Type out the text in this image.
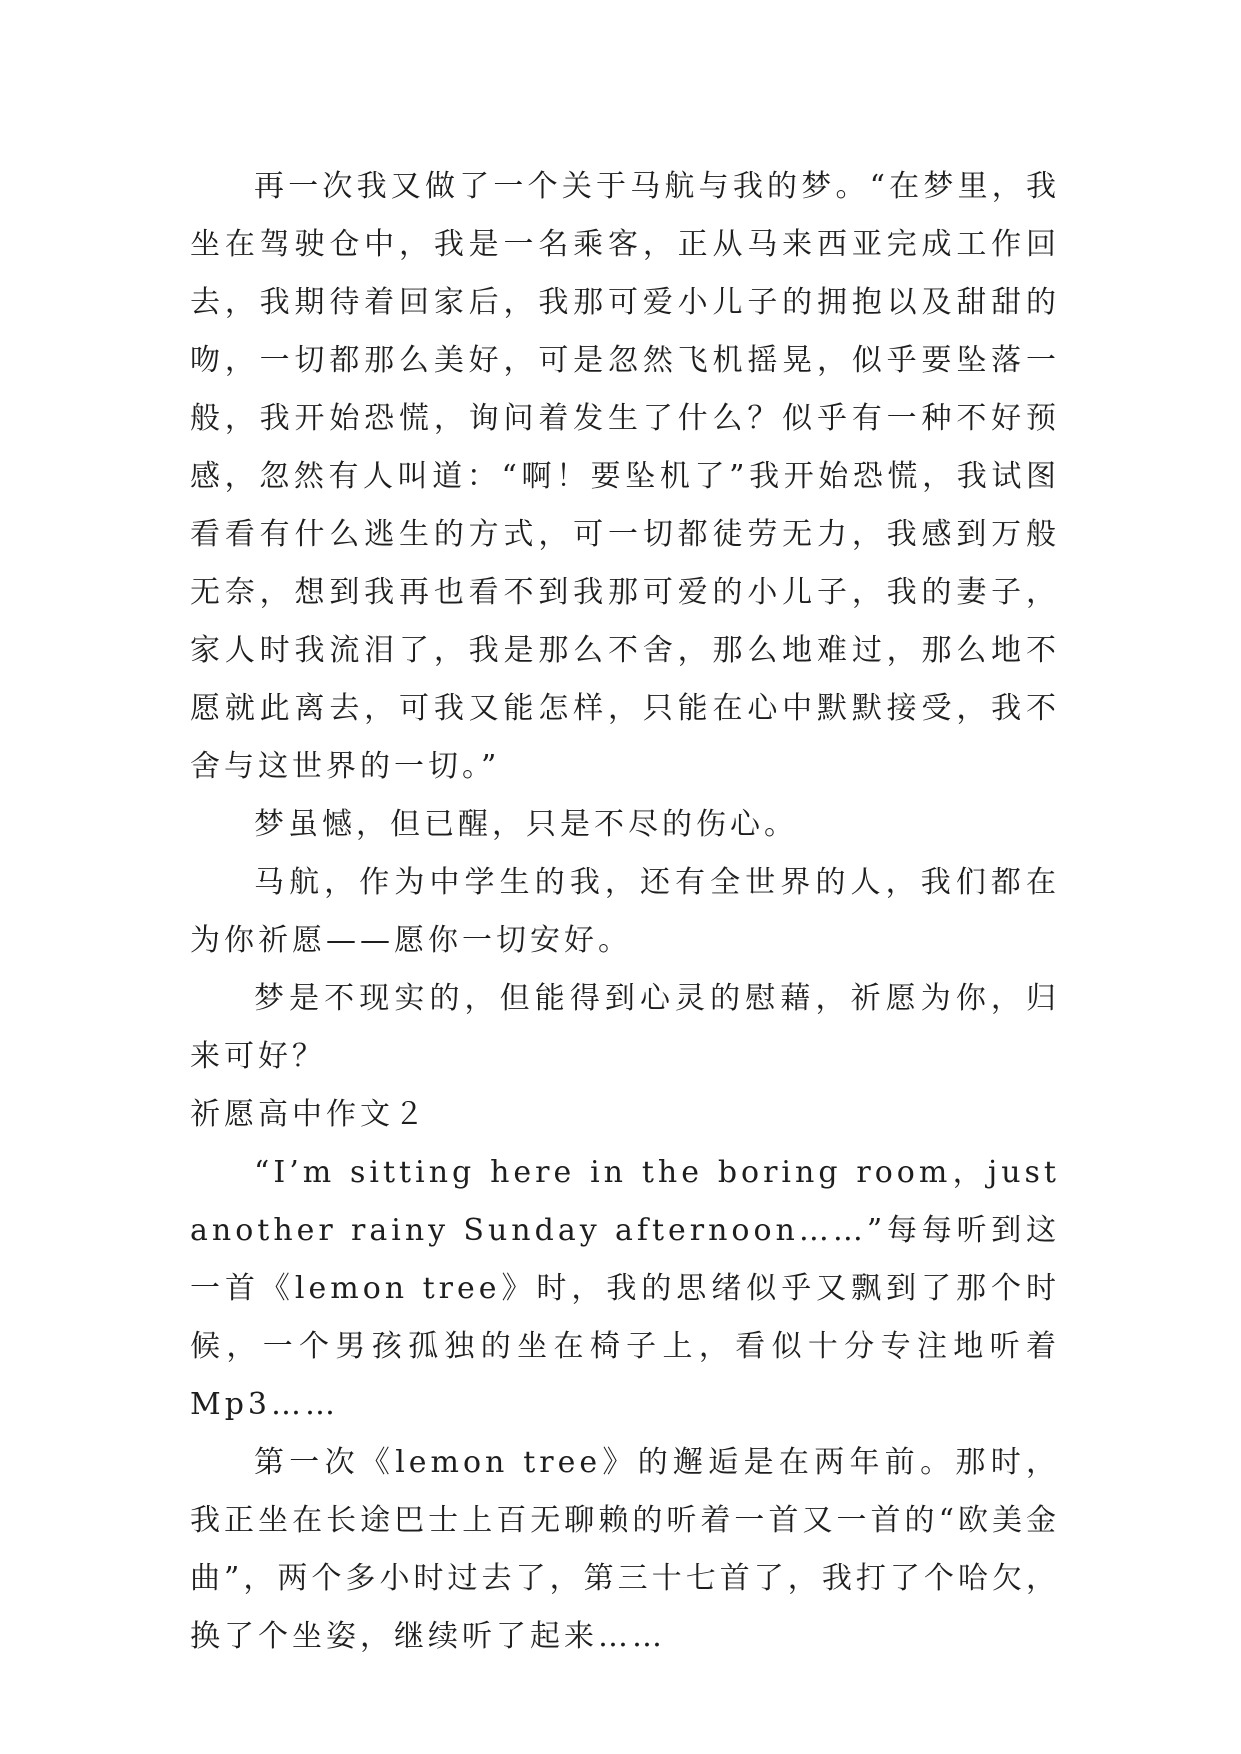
再一次我又做了一个关于马航与我的梦。“在梦里，我坐在驾驶仓中，我是一名乘客，正从马来西亚完成工作回去，我期待着回家后，我那可爱小儿子的拥抱以及甜甜的吻，一切都那么美好，可是忽然飞机摇晃，似乎要坠落一般，我开始恐慌，询问着发生了什么？似乎有一种不好预感，忽然有人叫道：“啊！要坠机了”我开始恐慌，我试图看看有什么逃生的方式，可一切都徒劳无力，我感到万般无奈，想到我再也看不到我那可爱的小儿子，我的妻子，家人时我流泪了，我是那么不舍，那么地难过，那么地不愿就此离去，可我又能怎样，只能在心中默默接受，我不舍与这世界的一切。”

梦虽憾，但已醒，只是不尽的伤心。

马航，作为中学生的我，还有全世界的人，我们都在为你祈愿——愿你一切安好。

梦是不现实的，但能得到心灵的慰藉，祈愿为你，归来可好？

祈愿高中作文２

“I’m sitting here in the boring room，just another rainy Sunday afternoon……”每每听到这一首《lemon tree》时，我的思绪似乎又飘到了那个时候，一个男孩孤独的坐在椅子上，看似十分专注地听着Mp3……

第一次《lemon tree》的邂逅是在两年前。那时，我正坐在长途巴士上百无聊赖的听着一首又一首的“欧美金曲”，两个多小时过去了，第三十七首了，我打了个哈欠，换了个坐姿，继续听了起来……
